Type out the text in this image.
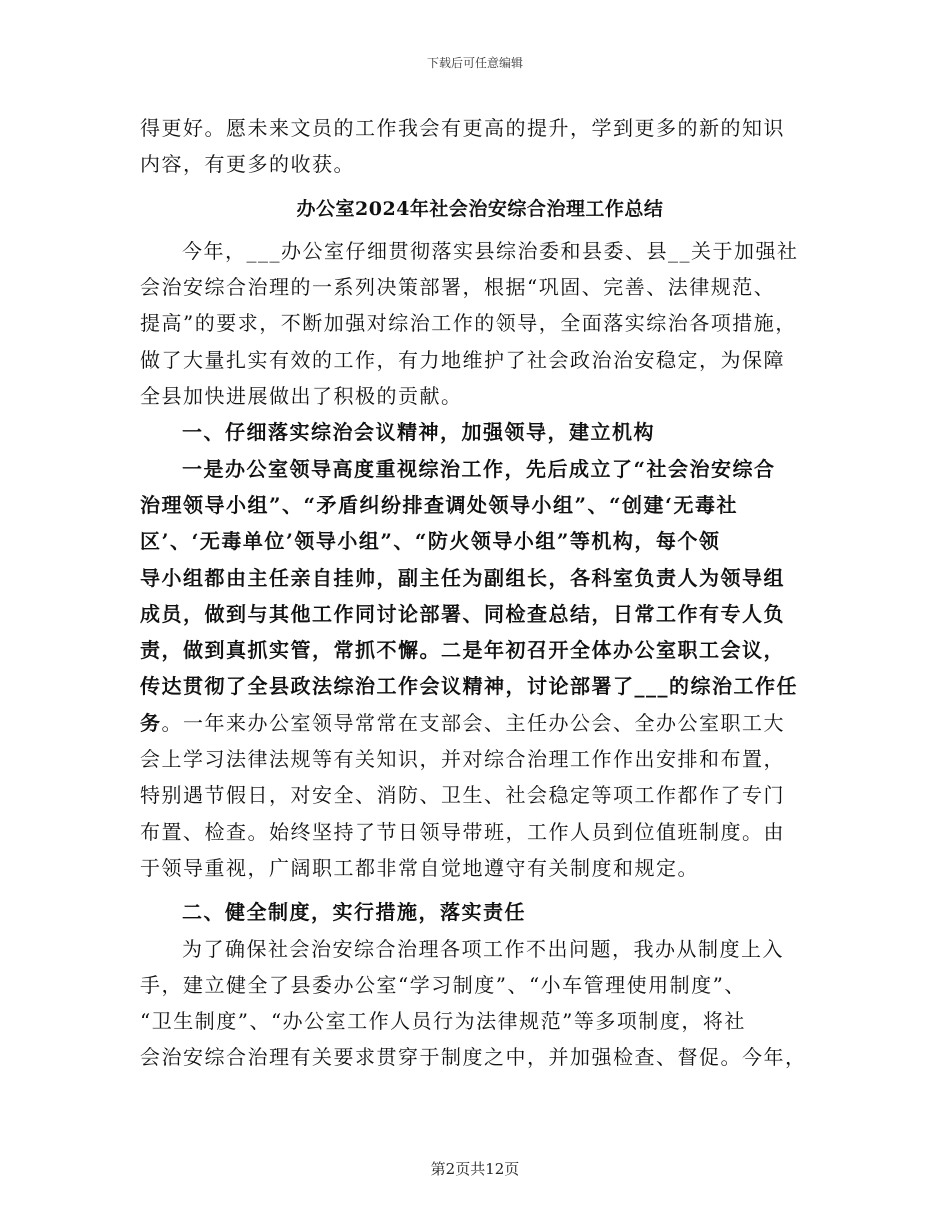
下载后可任意编辑
得更好。愿未来文员的工作我会有更高的提升，学到更多的新的知识
内容，有更多的收获。
办公室2024年社会治安综合治理工作总结
今年，___办公室仔细贯彻落实县综治委和县委、县__关于加强社
会治安综合治理的一系列决策部署，根据“巩固、完善、法律规范、
提高”的要求，不断加强对综治工作的领导，全面落实综治各项措施，
做了大量扎实有效的工作，有力地维护了社会政治治安稳定，为保障
全县加快进展做出了积极的贡献。
一、仔细落实综治会议精神，加强领导，建立机构
一是办公室领导高度重视综治工作，先后成立了“社会治安综合
治理领导小组”、“矛盾纠纷排查调处领导小组”、“创建‘无毒社
区’、‘无毒单位’领导小组”、“防火领导小组”等机构，每个领
导小组都由主任亲自挂帅，副主任为副组长，各科室负责人为领导组
成员，做到与其他工作同讨论部署、同检查总结，日常工作有专人负
责，做到真抓实管，常抓不懈。二是年初召开全体办公室职工会议，
传达贯彻了全县政法综治工作会议精神，讨论部署了___的综治工作任
务。一年来办公室领导常常在支部会、主任办公会、全办公室职工大
会上学习法律法规等有关知识，并对综合治理工作作出安排和布置，
特别遇节假日，对安全、消防、卫生、社会稳定等项工作都作了专门
布置、检查。始终坚持了节日领导带班，工作人员到位值班制度。由
于领导重视，广阔职工都非常自觉地遵守有关制度和规定。
二、健全制度，实行措施，落实责任
为了确保社会治安综合治理各项工作不出问题，我办从制度上入
手，建立健全了县委办公室“学习制度”、“小车管理使用制度”、
“卫生制度”、“办公室工作人员行为法律规范”等多项制度，将社
会治安综合治理有关要求贯穿于制度之中，并加强检查、督促。今年，
第2页共12页
